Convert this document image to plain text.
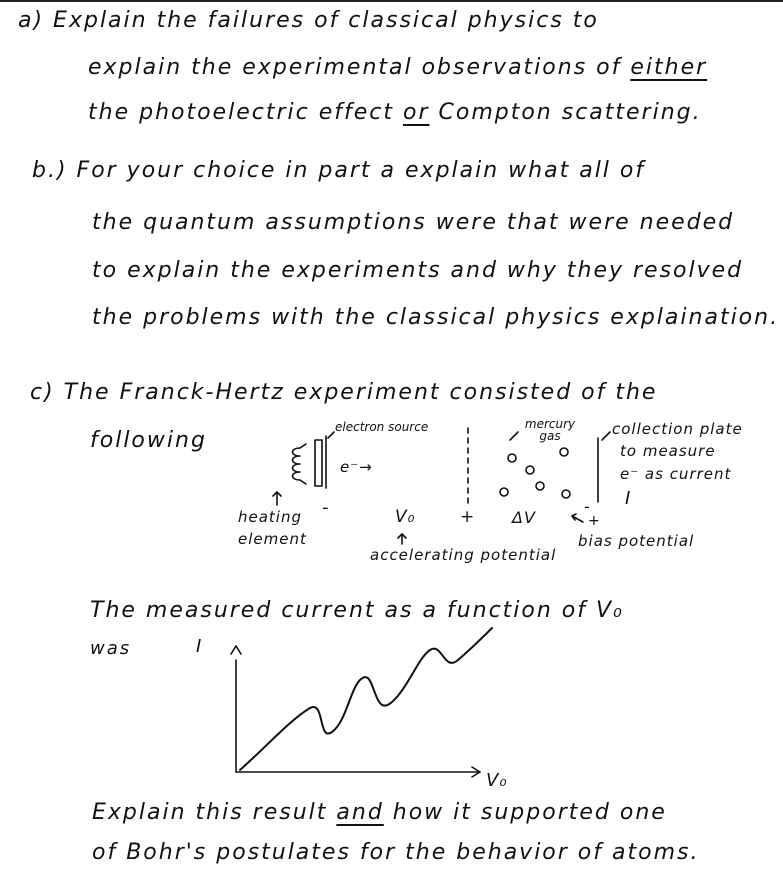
a) Explain the failures of classical physics to
explain the experimental observations of either
the photoelectric effect or Compton scattering.
b.) For your choice in part a explain what all of
the quantum assumptions were that were needed
to explain the experiments and why they resolved
the problems with the classical physics explaination.
c) The Franck-Hertz experiment consisted of the
following
electron source
e⁻→
mercury gas	collection plate
to measure
e⁻ as current
I
heating
element
-	V₀	+ ΔV
-
+
bias potential
accelerating potential
The measured current as a function of V₀
was	I
V₀
Explain this result and how it supported one
of Bohr's postulates for the behavior of atoms.
